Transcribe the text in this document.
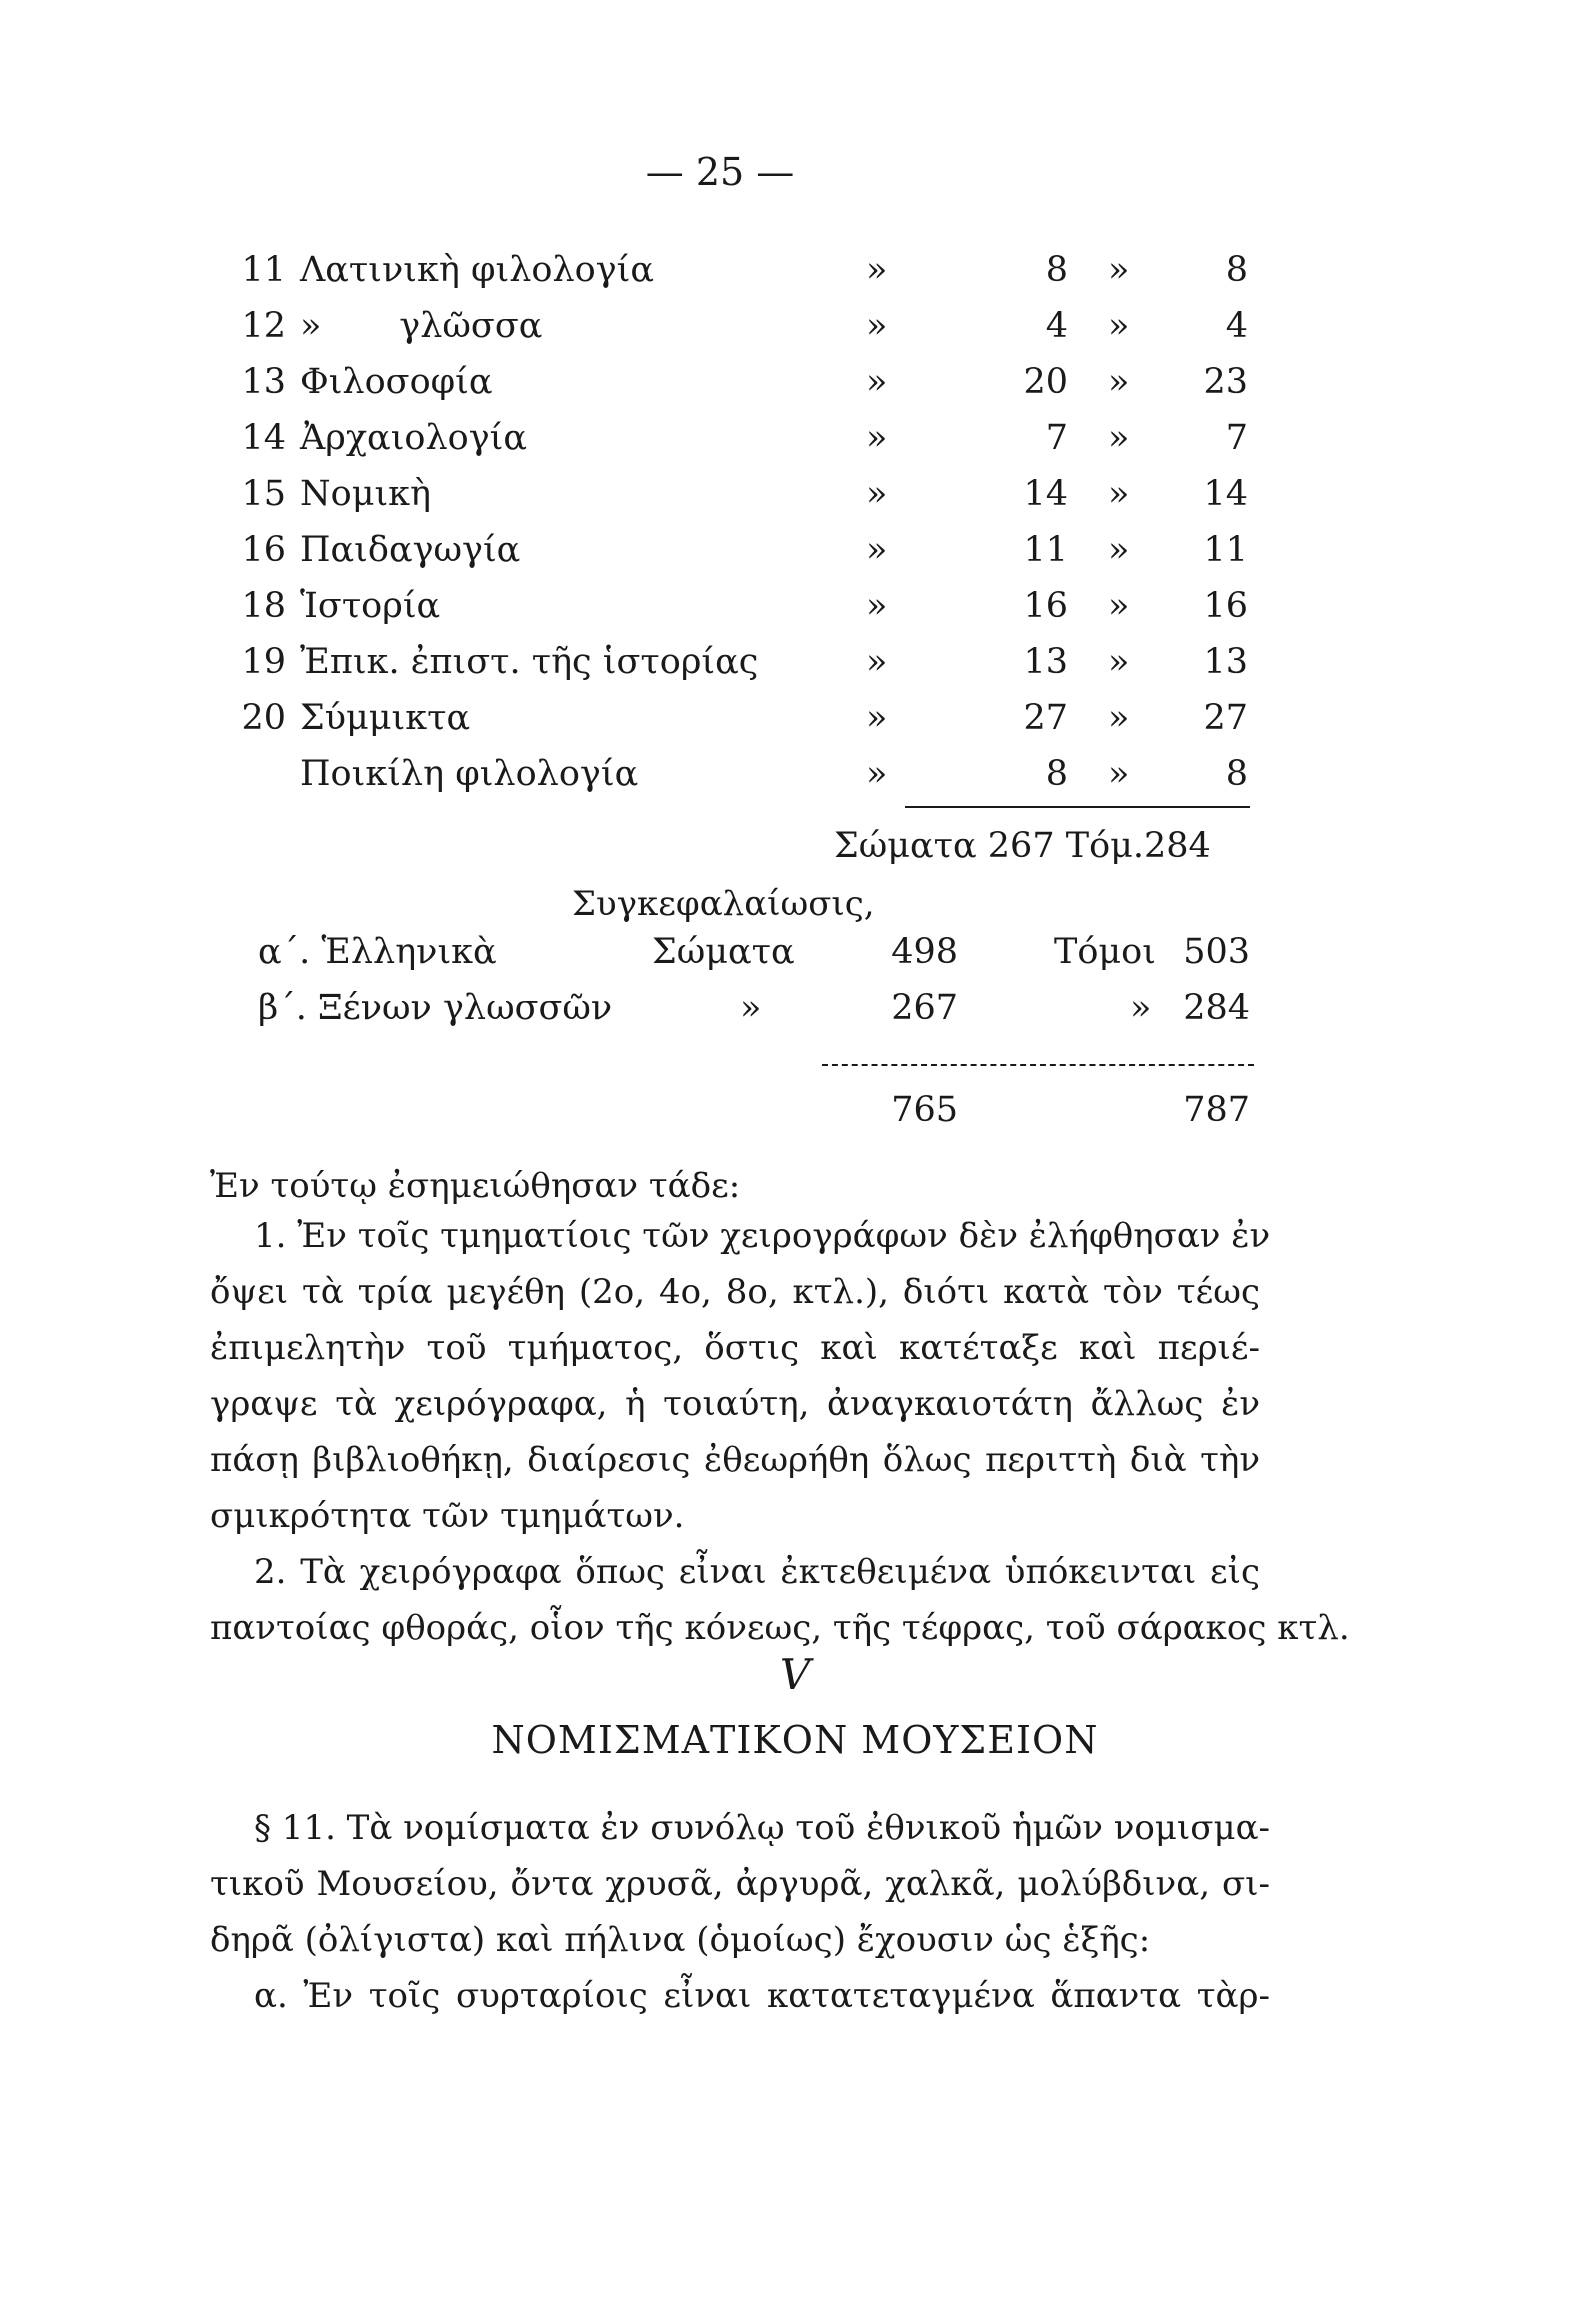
— 25 —
11 Λατινικὴ φιλολογία	»	8 »	8
12 »       γλῶσσα	»	4 »	4
13 Φιλοσοφία	»	20 »	23
14 Ἀρχαιολογία	»	7 »	7
15 Νομικὴ	»	14 »	14
16 Παιδαγωγία	»	11 »	11
18 Ἱστορία	»	16 »	16
19 Ἐπικ. ἐπιστ. τῆς ἱστορίας	»	13 »	13
20 Σύμμικτα	»	27 »	27
Ποικίλη φιλολογία	»	8 »	8
Σώματα 267 Τόμ.284
Συγκεφαλαίωσις,
α΄. Ἑλληνικὰ	Σώματα	498	Τόμοι 503
β΄. Ξένων γλωσσῶν	»	267	» 284
765	787
Ἐν τούτῳ ἐσημειώθησαν τάδε:
1. Ἐν τοῖς τμηματίοις τῶν χειρογράφων δὲν ἐλήφθησαν ἐν
ὄψει τὰ τρία μεγέθη (2ο, 4ο, 8ο, κτλ.), διότι κατὰ τὸν τέως
ἐπιμελητὴν τοῦ τμήματος, ὅστις καὶ κατέταξε καὶ περιέ-
γραψε τὰ χειρόγραφα, ἡ τοιαύτη, ἀναγκαιοτάτη ἄλλως ἐν
πάσῃ βιβλιοθήκῃ, διαίρεσις ἐθεωρήθη ὅλως περιττὴ διὰ τὴν
σμικρότητα τῶν τμημάτων.
2. Τὰ χειρόγραφα ὅπως εἶναι ἐκτεθειμένα ὑπόκεινται εἰς
παντοίας φθοράς, οἷον τῆς κόνεως, τῆς τέφρας, τοῦ σάρακος κτλ.
V
ΝΟΜΙΣΜΑΤΙΚΟΝ ΜΟΥΣΕΙΟΝ
§ 11. Τὰ νομίσματα ἐν συνόλῳ τοῦ ἐθνικοῦ ἡμῶν νομισμα-
τικοῦ Μουσείου, ὄντα χρυσᾶ, ἀργυρᾶ, χαλκᾶ, μολύβδινα, σι-
δηρᾶ (ὀλίγιστα) καὶ πήλινα (ὁμοίως) ἔχουσιν ὡς ἑξῆς:
α. Ἐν τοῖς συρταρίοις εἶναι κατατεταγμένα ἅπαντα τὰρ-
